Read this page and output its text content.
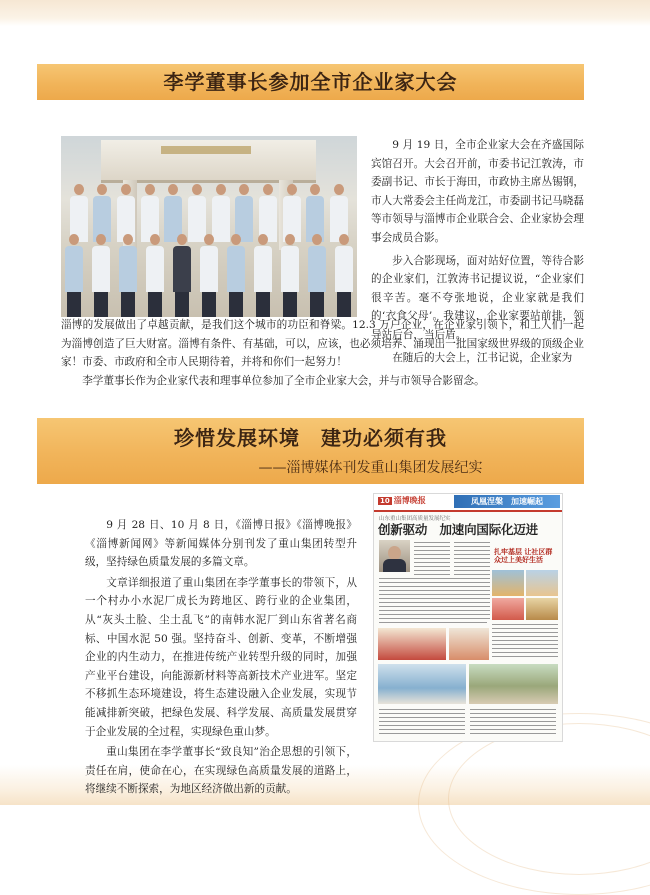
李学董事长参加全市企业家大会

9 月 19 日，全市企业家大会在齐盛国际宾馆召开。大会召开前，市委书记江敦涛，市委副书记、市长于海田，市政协主席丛锡钢，市人大常委会主任尚龙江，市委副书记马晓磊等市领导与淄博市企业联合会、企业家协会理事会成员合影。

步入合影现场，面对站好位置，等待合影的企业家们，江敦涛书记提议说，“企业家们很辛苦。毫不夸张地说，企业家就是我们的‘衣食父母’。我建议，企业家要站前排，领导站后台，当后盾。

在随后的大会上，江书记说，企业家为

淄博的发展做出了卓越贡献，是我们这个城市的功臣和脊梁。12.3 万户企业，在企业家引领下，和工人们一起为淄博创造了巨大财富。淄博有条件、有基础，可以，应该，也必须培养、涌现出一批国家级世界级的顶级企业家！市委、市政府和全市人民期待着，并将和你们一起努力！

李学董事长作为企业家代表和理事单位参加了全市企业家大会，并与市领导合影留念。

珍惜发展环境　建功必须有我
——淄博媒体刊发重山集团发展纪实

9 月 28 日、10 月 8 日，《淄博日报》《淄博晚报》《淄博新闻网》等新闻媒体分别刊发了重山集团转型升级，坚持绿色质量发展的多篇文章。

文章详细报道了重山集团在李学董事长的带领下，从一个村办小水泥厂成长为跨地区、跨行业的企业集团，从“灰头土脸、尘土乱飞”的南韩水泥厂到山东省著名商标、中国水泥 50 强。坚持奋斗、创新、变革，不断增强企业的内生动力，在推进传统产业转型升级的同时，加强产业平台建设，向能源新材料等高新技术产业进军。坚定不移抓生态环境建设，将生态建设融入企业发展，实现节能减排新突破，把绿色发展、科学发展、高质量发展贯穿于企业发展的全过程，实现绿色重山梦。

重山集团在李学董事长“致良知”治企思想的引领下，责任在肩，使命在心，在实现绿色高质量发展的道路上，将继续不断探索，为地区经济做出新的贡献。

10 淄博晚报	凤凰涅槃　加速崛起
山东重山集团高质量发展纪实
创新驱动　加速向国际化迈进
扎牢基层 让社区群众过上美好生活
